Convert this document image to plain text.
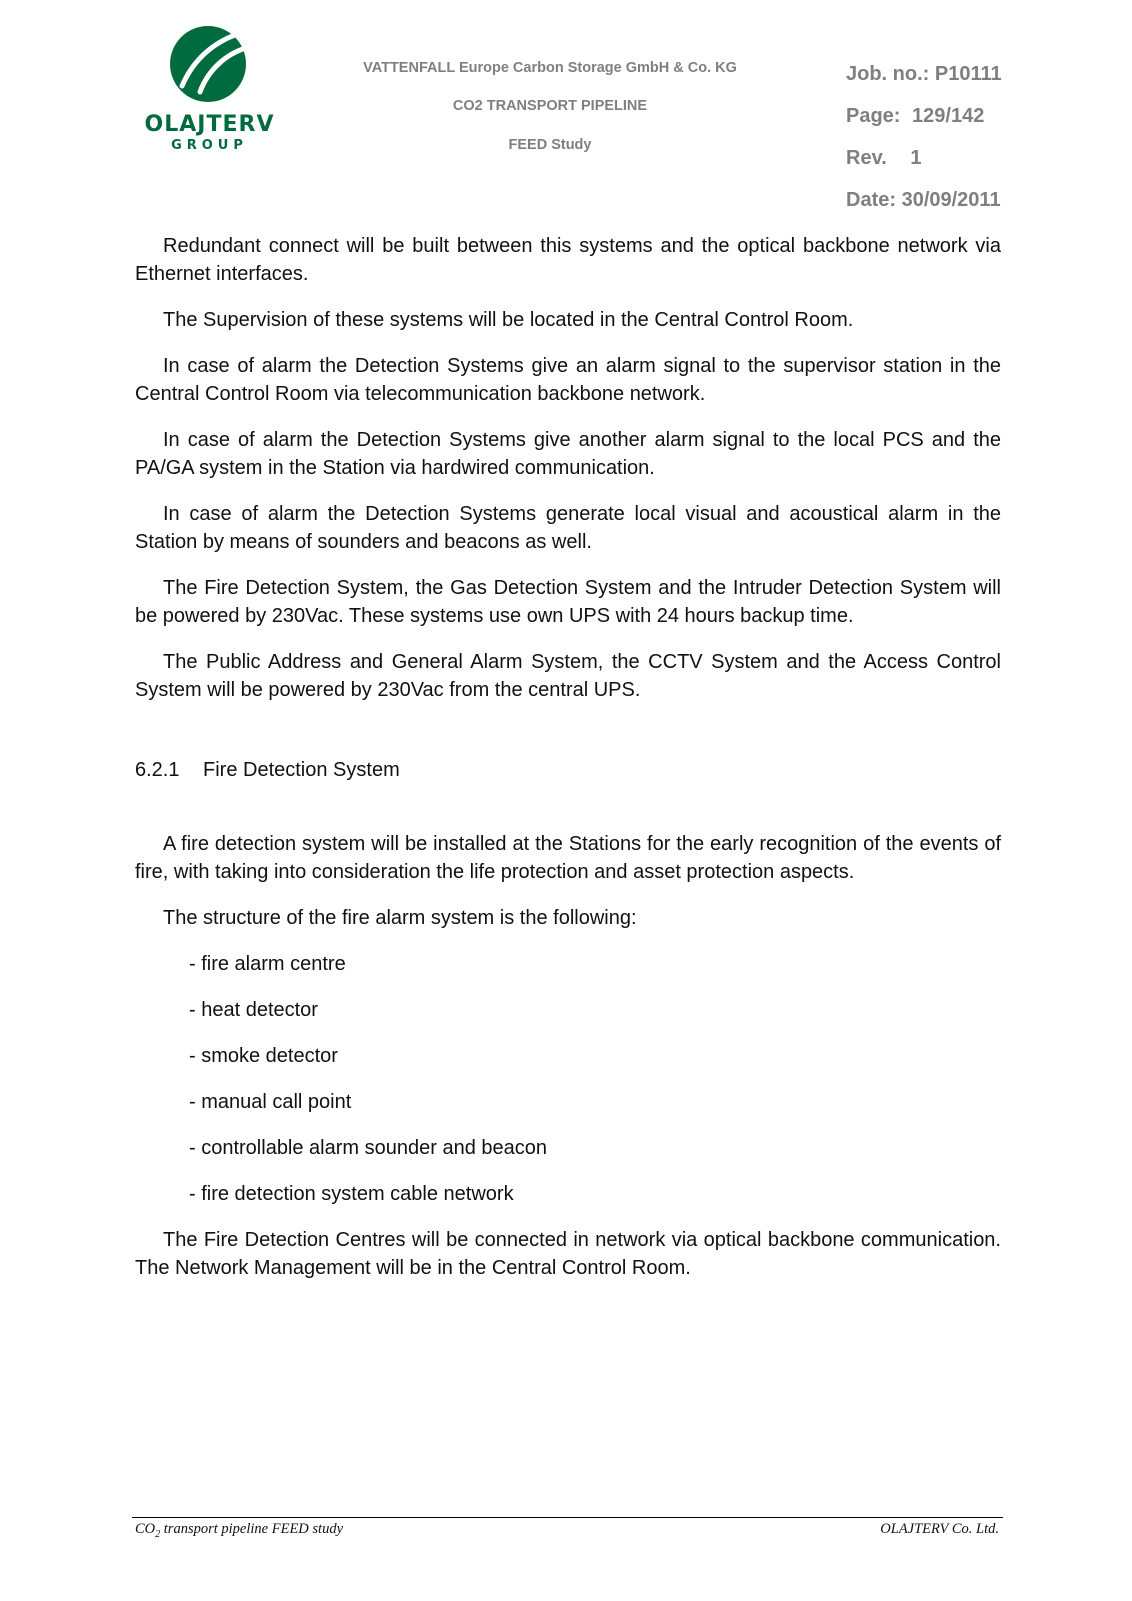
OLAJTERV
GROUP
VATTENFALL Europe Carbon Storage GmbH & Co. KG
CO2 TRANSPORT PIPELINE
FEED Study
Job. no.: P10111
Page: 129/142
Rev. 1
Date: 30/09/2011

Redundant connect will be built between this systems and the optical backbone network via Ethernet interfaces.

The Supervision of these systems will be located in the Central Control Room.

In case of alarm the Detection Systems give an alarm signal to the supervisor station in the Central Control Room via telecommunication backbone network.

In case of alarm the Detection Systems give another alarm signal to the local PCS and the PA/GA system in the Station via hardwired communication.

In case of alarm the Detection Systems generate local visual and acoustical alarm in the Station by means of sounders and beacons as well.

The Fire Detection System, the Gas Detection System and the Intruder Detection System will be powered by 230Vac. These systems use own UPS with 24 hours backup time.

The Public Address and General Alarm System, the CCTV System and the Access Control System will be powered by 230Vac from the central UPS.

6.2.1 Fire Detection System

A fire detection system will be installed at the Stations for the early recognition of the events of fire, with taking into consideration the life protection and asset protection aspects.

The structure of the fire alarm system is the following:

- fire alarm centre
- heat detector
- smoke detector
- manual call point
- controllable alarm sounder and beacon
- fire detection system cable network

The Fire Detection Centres will be connected in network via optical backbone communication. The Network Management will be in the Central Control Room.

$CO_2$ transport pipeline FEED study	OLAJTERV Co. Ltd.
